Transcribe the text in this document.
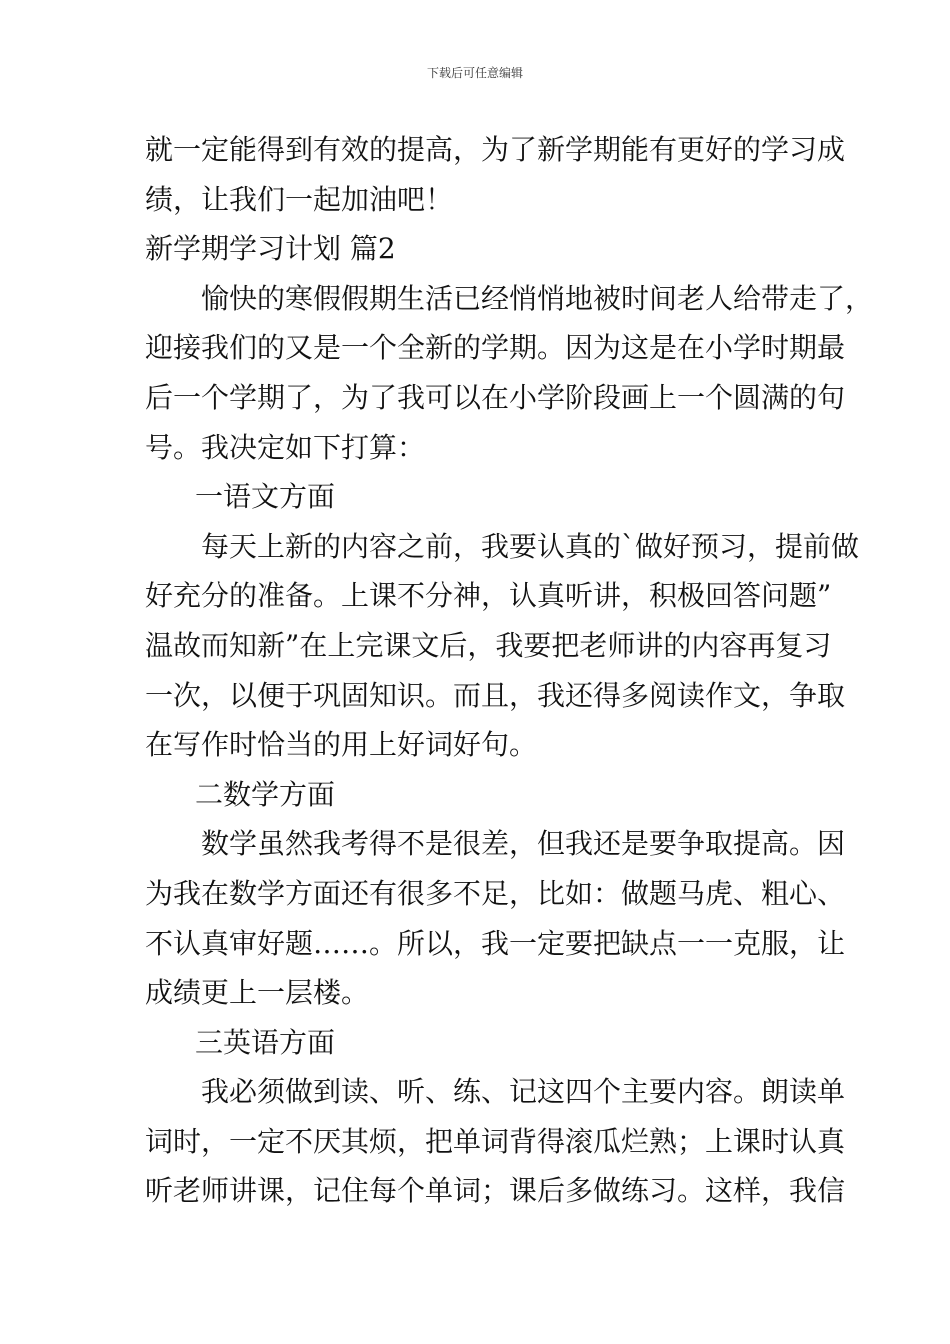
下载后可任意编辑

就一定能得到有效的提高，为了新学期能有更好的学习成

绩，让我们一起加油吧！

新学期学习计划 篇2

愉快的寒假假期生活已经悄悄地被时间老人给带走了，

迎接我们的又是一个全新的学期。因为这是在小学时期最

后一个学期了，为了我可以在小学阶段画上一个圆满的句

号。我决定如下打算：

一语文方面

每天上新的内容之前，我要认真的`做好预习，提前做

好充分的准备。上课不分神，认真听讲，积极回答问题”

温故而知新”在上完课文后，我要把老师讲的内容再复习

一次，以便于巩固知识。而且，我还得多阅读作文，争取

在写作时恰当的用上好词好句。

二数学方面

数学虽然我考得不是很差，但我还是要争取提高。因

为我在数学方面还有很多不足，比如：做题马虎、粗心、

不认真审好题……。所以，我一定要把缺点一一克服，让

成绩更上一层楼。

三英语方面

我必须做到读、听、练、记这四个主要内容。朗读单

词时，一定不厌其烦，把单词背得滚瓜烂熟；上课时认真

听老师讲课，记住每个单词；课后多做练习。这样，我信
